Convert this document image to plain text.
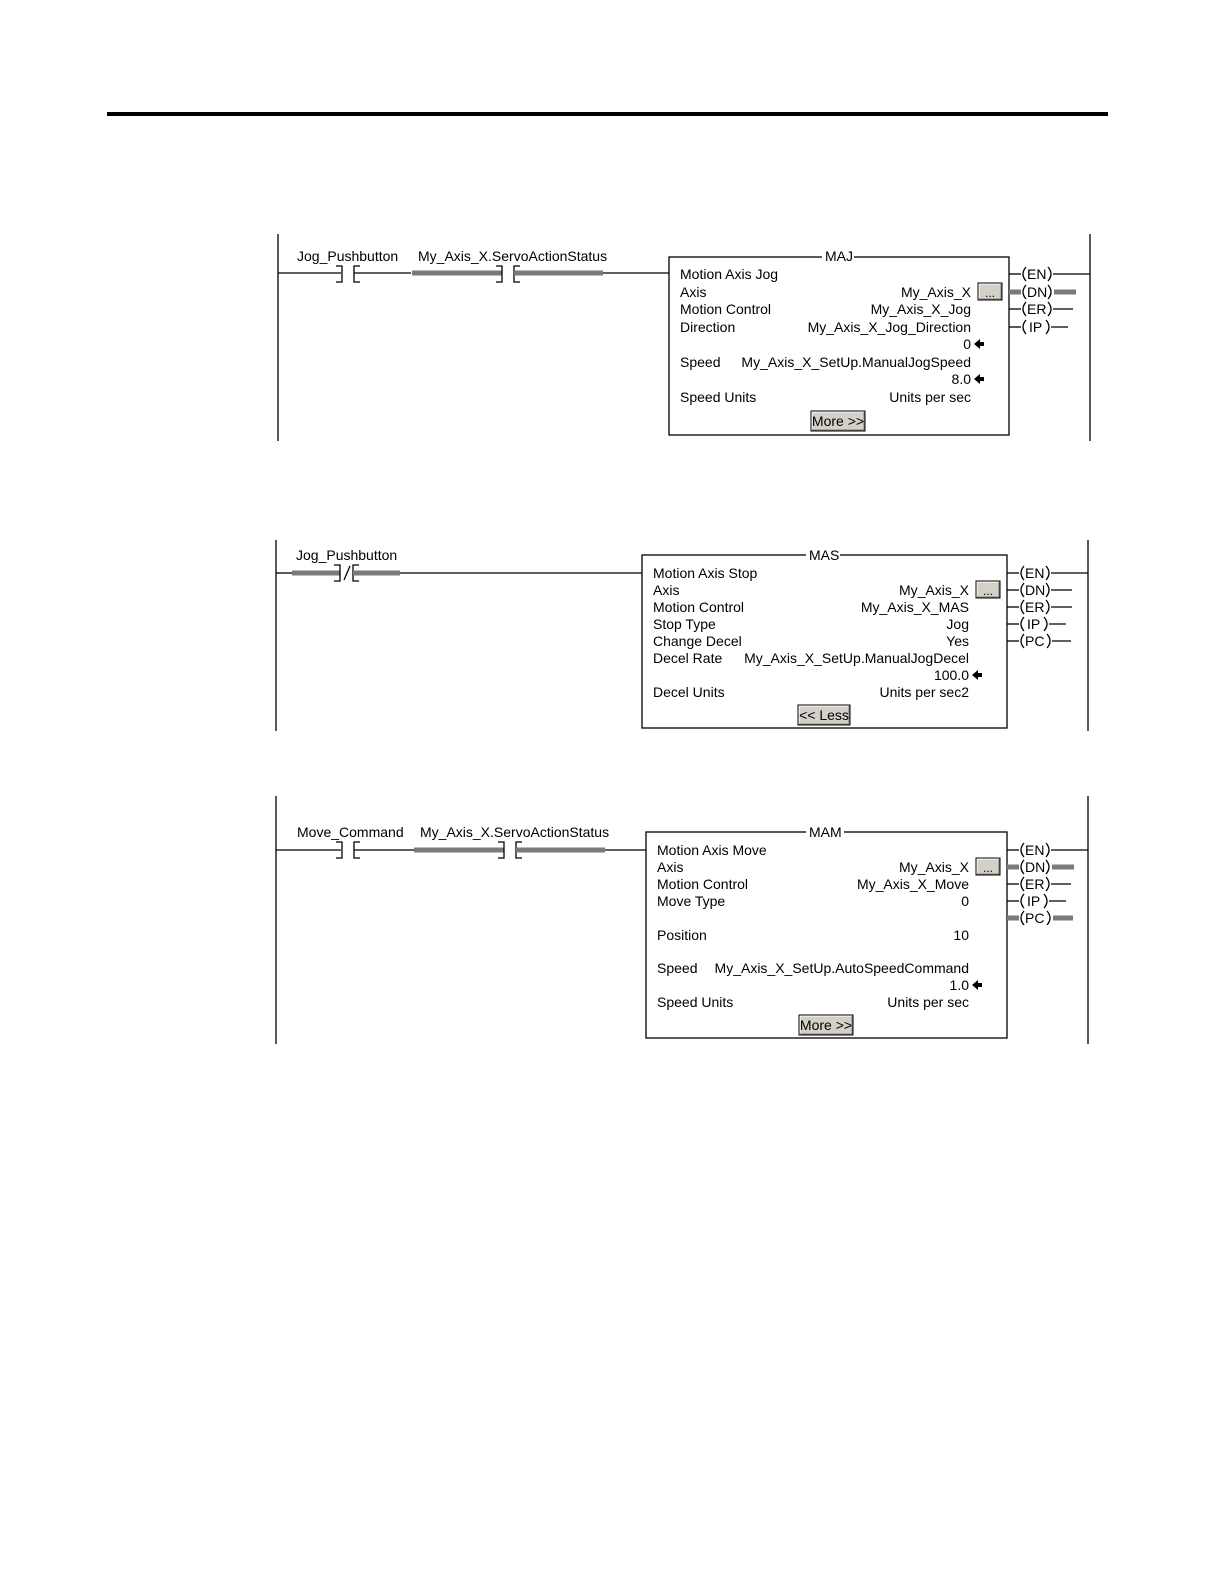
Jog_Pushbutton My_Axis_X.ServoActionStatus	MAJ
Motion Axis Jog
Axis	My_Axis_X ...
Motion Control	My_Axis_X_Jog
Direction	My_Axis_X_Jog_Direction
0
Speed My_Axis_X_SetUp.ManualJogSpeed
8.0
Speed Units	Units per sec
More >>
EN
DN
ER
IP
Jog_Pushbutton	MAS
Motion Axis Stop
Axis	My_Axis_X ...
Motion Control	My_Axis_X_MAS
Stop Type	Jog
Change Decel	Yes
Decel Rate My_Axis_X_SetUp.ManualJogDecel
100.0
Decel Units	Units per sec2
<< Less
EN
DN
ER
IP
PC
Move_Command My_Axis_X.ServoActionStatus	MAM
Motion Axis Move
Axis	My_Axis_X ...
Motion Control	My_Axis_X_Move
Move Type	0
Position	10
Speed My_Axis_X_SetUp.AutoSpeedCommand
1.0
Speed Units	Units per sec
More >>
EN
DN
ER
IP
PC
